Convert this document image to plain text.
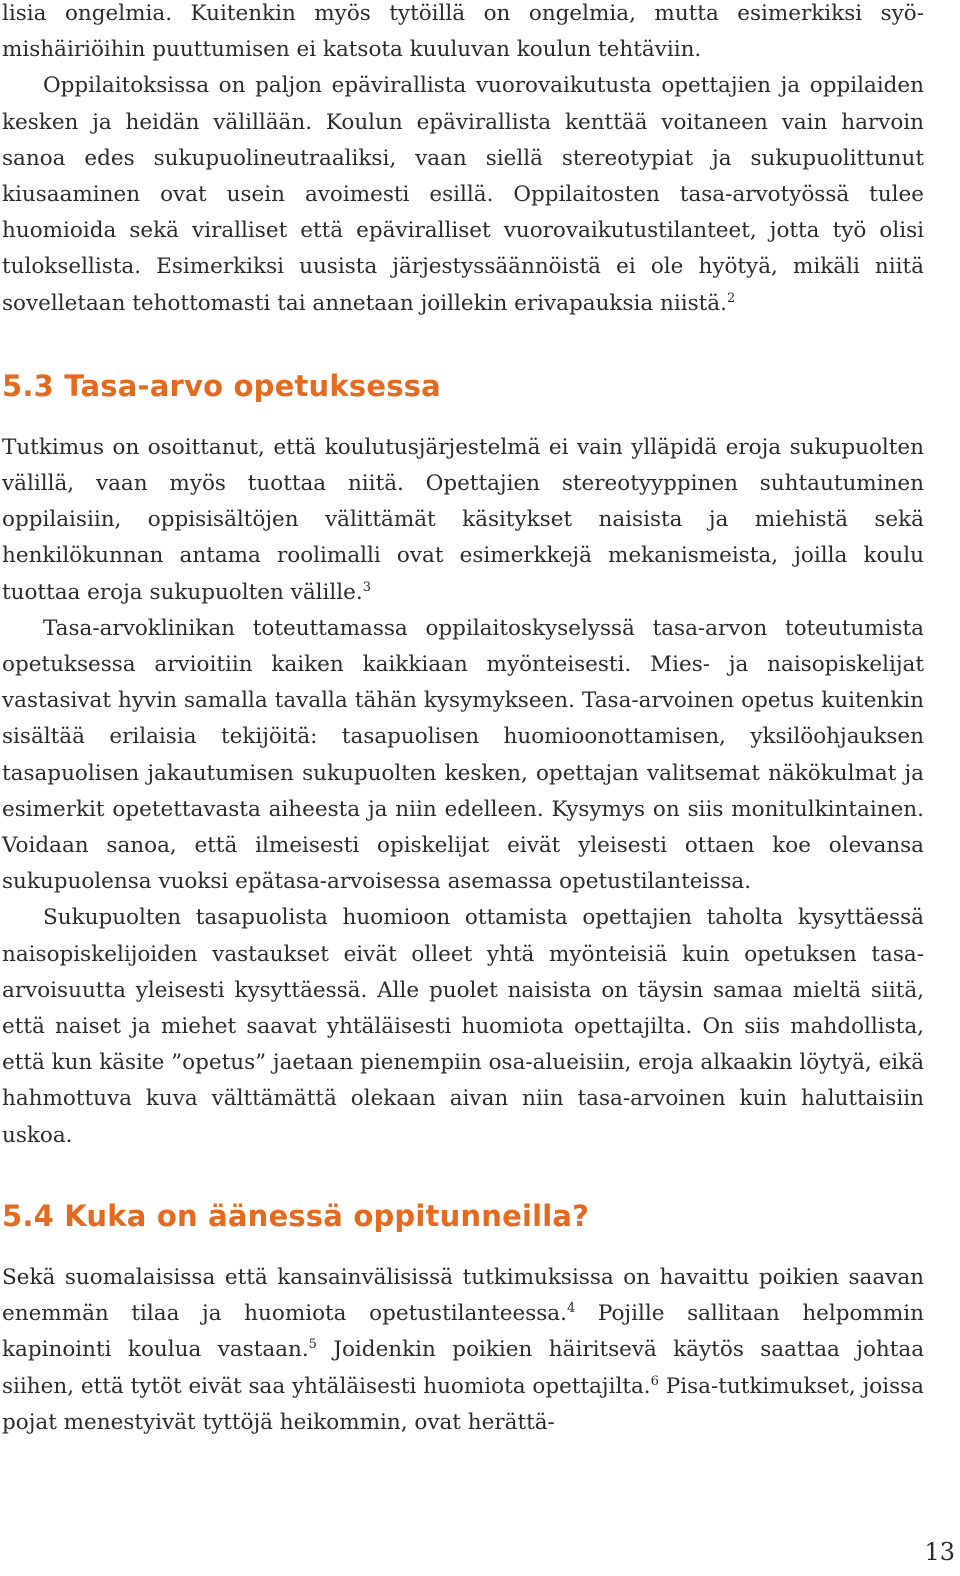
lisia ongelmia. Kuitenkin myös tytöillä on ongelmia, mutta esimerkiksi syömishäiriöihin puuttumisen ei katsota kuuluvan koulun tehtäviin.

Oppilaitoksissa on paljon epävirallista vuorovaikutusta opettajien ja oppilaiden kesken ja heidän välillään. Koulun epävirallista kenttää voitaneen vain harvoin sanoa edes sukupuolineutraaliksi, vaan siellä stereotypiat ja sukupuolittunut kiusaaminen ovat usein avoimesti esillä. Oppilaitosten tasa-arvotyössä tulee huomioida sekä viralliset että epäviralliset vuorovaikutustilanteet, jotta työ olisi tuloksellista. Esimerkiksi uusista järjestyssäännöistä ei ole hyötyä, mikäli niitä sovelletaan tehottomasti tai annetaan joillekin erivapauksia niistä.$^2$

5.3 Tasa-arvo opetuksessa

Tutkimus on osoittanut, että koulutusjärjestelmä ei vain ylläpidä eroja sukupuolten välillä, vaan myös tuottaa niitä. Opettajien stereotyyppinen suhtautuminen oppilaisiin, oppisisältöjen välittämät käsitykset naisista ja miehistä sekä henkilökunnan antama roolimalli ovat esimerkkejä mekanismeista, joilla koulu tuottaa eroja sukupuolten välille.$^3$

Tasa-arvoklinikan toteuttamassa oppilaitoskyselyssä tasa-arvon toteutumista opetuksessa arvioitiin kaiken kaikkiaan myönteisesti. Mies- ja naisopiskelijat vastasivat hyvin samalla tavalla tähän kysymykseen. Tasa-arvoinen opetus kuitenkin sisältää erilaisia tekijöitä: tasapuolisen huomioonottamisen, yksilöohjauksen tasapuolisen jakautumisen sukupuolten kesken, opettajan valitsemat näkökulmat ja esimerkit opetettavasta aiheesta ja niin edelleen. Kysymys on siis monitulkintainen. Voidaan sanoa, että ilmeisesti opiskelijat eivät yleisesti ottaen koe olevansa sukupuolensa vuoksi epätasa-arvoisessa asemassa opetustilanteissa.

Sukupuolten tasapuolista huomioon ottamista opettajien taholta kysyttäessä naisopiskelijoiden vastaukset eivät olleet yhtä myönteisiä kuin opetuksen tasa-arvoisuutta yleisesti kysyttäessä. Alle puolet naisista on täysin samaa mieltä siitä, että naiset ja miehet saavat yhtäläisesti huomiota opettajilta. On siis mahdollista, että kun käsite ”opetus” jaetaan pienempiin osa-alueisiin, eroja alkaakin löytyä, eikä hahmottuva kuva välttämättä olekaan aivan niin tasa-arvoinen kuin haluttaisiin uskoa.

5.4 Kuka on äänessä oppitunneilla?

Sekä suomalaisissa että kansainvälisissä tutkimuksissa on havaittu poikien saavan enemmän tilaa ja huomiota opetustilanteessa.$^4$ Pojille sallitaan helpommin kapinointi koulua vastaan.$^5$ Joidenkin poikien häiritsevä käytös saattaa johtaa siihen, että tytöt eivät saa yhtäläisesti huomiota opettajilta.$^6$ Pisa-tutkimukset, joissa pojat menestyivät tyttöjä heikommin, ovat herättä-

13
